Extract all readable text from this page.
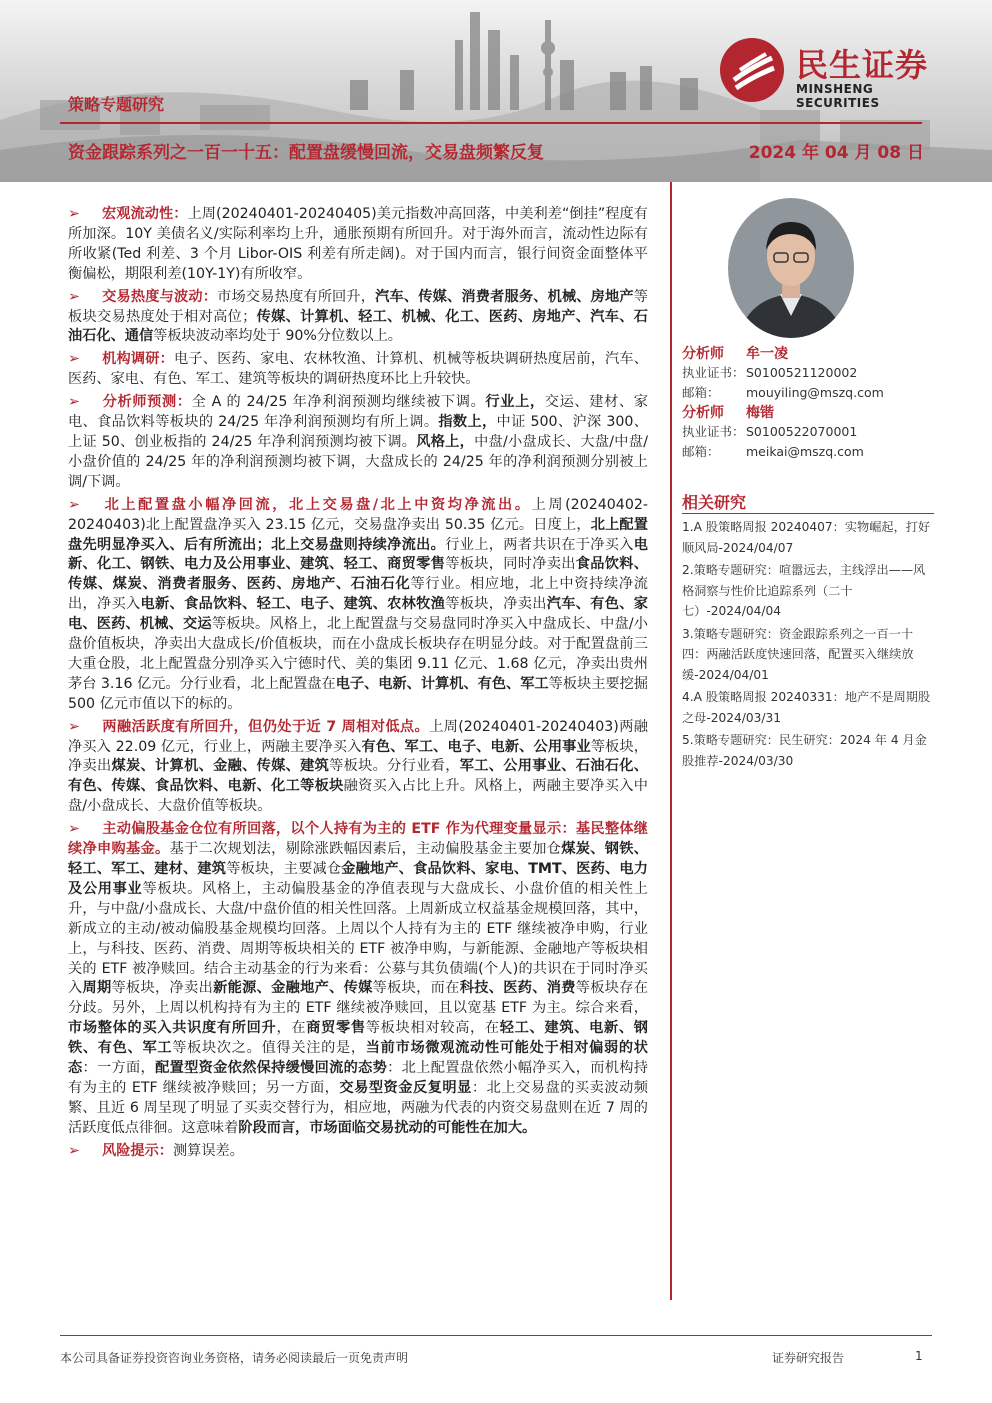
民生证券
MINSHENG SECURITIES
策略专题研究
资金跟踪系列之一百一十五：配置盘缓慢回流，交易盘频繁反复	2024 年 04 月 08 日

➢ 宏观流动性：上周(20240401-20240405)美元指数冲高回落，中美利差“倒挂”程度有所加深。10Y 美债名义/实际利率均上升，通胀预期有所回升。对于海外而言，流动性边际有所收紧(Ted 利差、3 个月 Libor-OIS 利差有所走阔)。对于国内而言，银行间资金面整体平衡偏松，期限利差(10Y-1Y)有所收窄。

➢ 交易热度与波动：市场交易热度有所回升，汽车、传媒、消费者服务、机械、房地产等板块交易热度处于相对高位；传媒、计算机、轻工、机械、化工、医药、房地产、汽车、石油石化、通信等板块波动率均处于 90%分位数以上。

➢ 机构调研：电子、医药、家电、农林牧渔、计算机、机械等板块调研热度居前，汽车、医药、家电、有色、军工、建筑等板块的调研热度环比上升较快。

➢ 分析师预测：全 A 的 24/25 年净利润预测均继续被下调。行业上，交运、建材、家电、食品饮料等板块的 24/25 年净利润预测均有所上调。指数上，中证 500、沪深 300、上证 50、创业板指的 24/25 年净利润预测均被下调。风格上，中盘/小盘成长、大盘/中盘/小盘价值的 24/25 年的净利润预测均被下调，大盘成长的 24/25 年的净利润预测分别被上调/下调。

➢ 北上配置盘小幅净回流，北上交易盘/北上中资均净流出。上周(20240402-20240403)北上配置盘净买入 23.15 亿元，交易盘净卖出 50.35 亿元。日度上，北上配置盘先明显净买入、后有所流出；北上交易盘则持续净流出。行业上，两者共识在于净买入电新、化工、钢铁、电力及公用事业、建筑、轻工、商贸零售等板块，同时净卖出食品饮料、传媒、煤炭、消费者服务、医药、房地产、石油石化等行业。相应地，北上中资持续净流出，净买入电新、食品饮料、轻工、电子、建筑、农林牧渔等板块，净卖出汽车、有色、家电、医药、机械、交运等板块。风格上，北上配置盘与交易盘同时净买入中盘成长、中盘/小盘价值板块，净卖出大盘成长/价值板块，而在小盘成长板块存在明显分歧。对于配置盘前三大重仓股，北上配置盘分别净买入宁德时代、美的集团 9.11 亿元、1.68 亿元，净卖出贵州茅台 3.16 亿元。分行业看，北上配置盘在电子、电新、计算机、有色、军工等板块主要挖掘 500 亿元市值以下的标的。

➢ 两融活跃度有所回升，但仍处于近 7 周相对低点。上周(20240401-20240403)两融净买入 22.09 亿元，行业上，两融主要净买入有色、军工、电子、电新、公用事业等板块，净卖出煤炭、计算机、金融、传媒、建筑等板块。分行业看，军工、公用事业、石油石化、有色、传媒、食品饮料、电新、化工等板块融资买入占比上升。风格上，两融主要净买入中盘/小盘成长、大盘价值等板块。

➢ 主动偏股基金仓位有所回落，以个人持有为主的 ETF 作为代理变量显示：基民整体继续净申购基金。基于二次规划法，剔除涨跌幅因素后，主动偏股基金主要加仓煤炭、钢铁、轻工、军工、建材、建筑等板块，主要减仓金融地产、食品饮料、家电、TMT、医药、电力及公用事业等板块。风格上，主动偏股基金的净值表现与大盘成长、小盘价值的相关性上升，与中盘/小盘成长、大盘/中盘价值的相关性回落。上周新成立权益基金规模回落，其中，新成立的主动/被动偏股基金规模均回落。上周以个人持有为主的 ETF 继续被净申购，行业上，与科技、医药、消费、周期等板块相关的 ETF 被净申购，与新能源、金融地产等板块相关的 ETF 被净赎回。结合主动基金的行为来看：公募与其负债端(个人)的共识在于同时净买入周期等板块，净卖出新能源、金融地产、传媒等板块，而在科技、医药、消费等板块存在分歧。另外，上周以机构持有为主的 ETF 继续被净赎回，且以宽基 ETF 为主。综合来看，市场整体的买入共识度有所回升，在商贸零售等板块相对较高，在轻工、建筑、电新、钢铁、有色、军工等板块次之。值得关注的是，当前市场微观流动性可能处于相对偏弱的状态：一方面，配置型资金依然保持缓慢回流的态势：北上配置盘依然小幅净买入，而机构持有为主的 ETF 继续被净赎回；另一方面，交易型资金反复明显：北上交易盘的买卖波动频繁、且近 6 周呈现了明显了买卖交替行为，相应地，两融为代表的内资交易盘则在近 7 周的活跃度低点徘徊。这意味着阶段而言，市场面临交易扰动的可能性在加大。

➢ 风险提示：测算误差。

分析师 牟一凌
执业证书：S0100521120002
邮箱： mouyiling@mszq.com
分析师 梅锴
执业证书：S0100522070001
邮箱： meikai@mszq.com
相关研究
1.A 股策略周报 20240407：实物崛起，打好顺风局-2024/04/07
2.策略专题研究：喧嚣远去，主线浮出——风格洞察与性价比追踪系列（二十七）-2024/04/04
3.策略专题研究：资金跟踪系列之一百一十四：两融活跃度快速回落，配置买入继续放缓-2024/04/01
4.A 股策略周报 20240331：地产不是周期股之母-2024/03/31
5.策略专题研究：民生研究：2024 年 4 月金股推荐-2024/03/30
本公司具备证券投资咨询业务资格，请务必阅读最后一页免责声明	证券研究报告	1
